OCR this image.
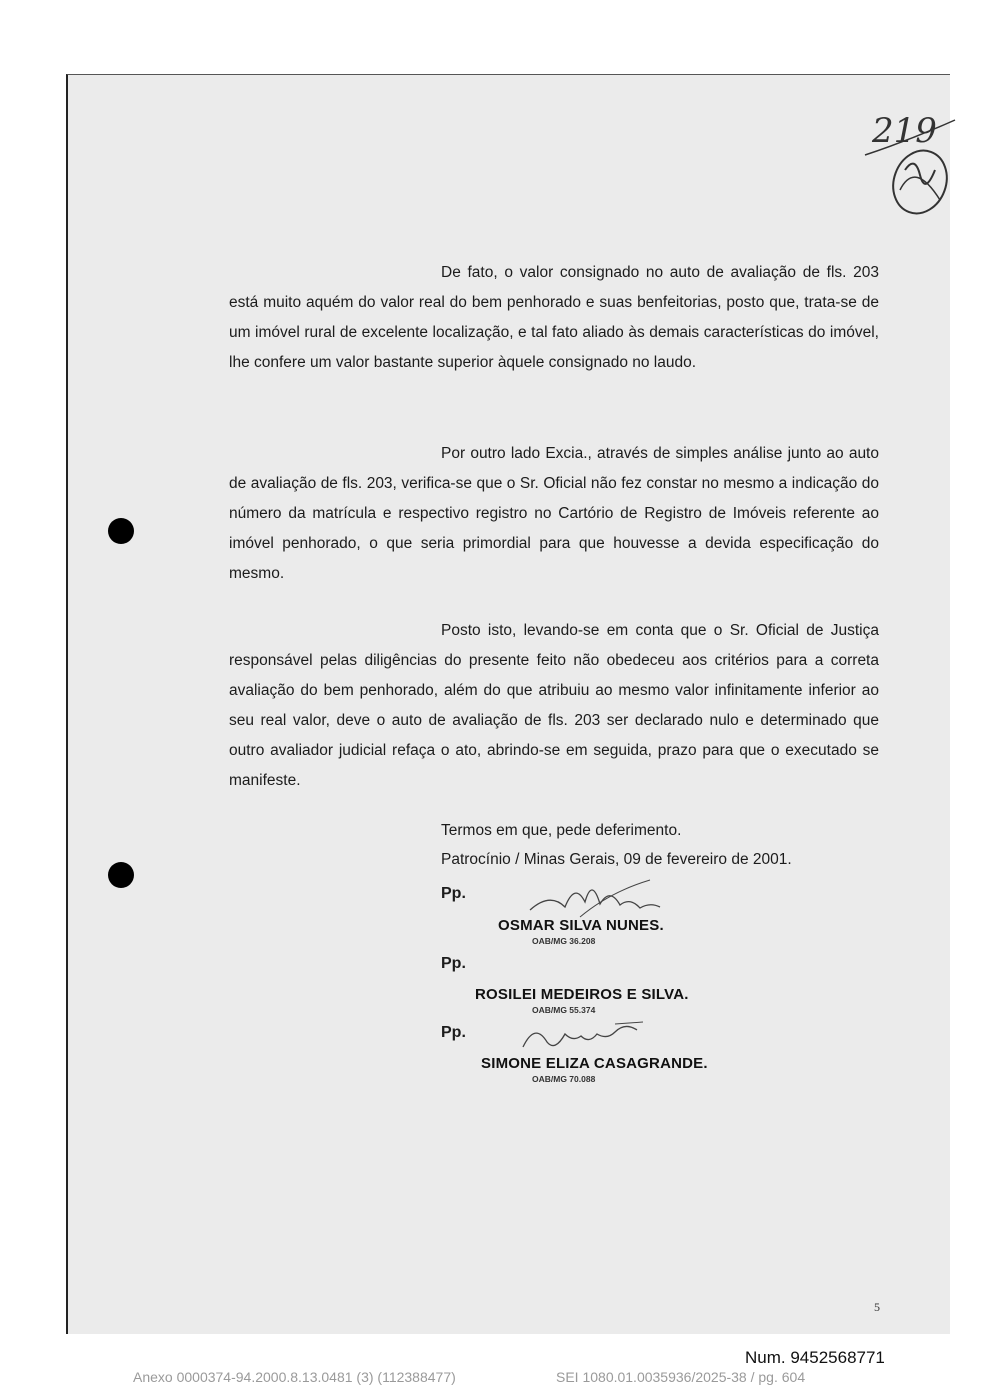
219

De fato, o valor consignado no auto de avaliação de fls. 203 está muito aquém do valor real do bem penhorado e suas benfeitorias, posto que, trata-se de um imóvel rural de excelente localização, e tal fato aliado às demais características do imóvel, lhe confere um valor bastante superior àquele consignado no laudo.

Por outro lado Excia., através de simples análise junto ao auto de avaliação de fls. 203, verifica-se que o Sr. Oficial não fez constar no mesmo a indicação do número da matrícula e respectivo registro no Cartório de Registro de Imóveis referente ao imóvel penhorado, o que seria primordial para que houvesse a devida especificação do mesmo.

Posto isto, levando-se em conta que o Sr. Oficial de Justiça responsável pelas diligências do presente feito não obedeceu aos critérios para a correta avaliação do bem penhorado, além do que atribuiu ao mesmo valor infinitamente inferior ao seu real valor, deve o auto de avaliação de fls. 203 ser declarado nulo e determinado que outro avaliador judicial refaça o ato, abrindo-se em seguida, prazo para que o executado se manifeste.

Termos em que, pede deferimento.
Patrocínio / Minas Gerais, 09 de fevereiro de 2001.
Pp.
OSMAR SILVA NUNES.
OAB/MG 36.208
Pp.
ROSILEI MEDEIROS E SILVA.
OAB/MG 55.374
Pp.
SIMONE ELIZA CASAGRANDE.
OAB/MG 70.088
5
Num. 9452568771
Anexo 0000374-94.2000.8.13.0481 (3) (112388477)	SEI 1080.01.0035936/2025-38 / pg. 604
